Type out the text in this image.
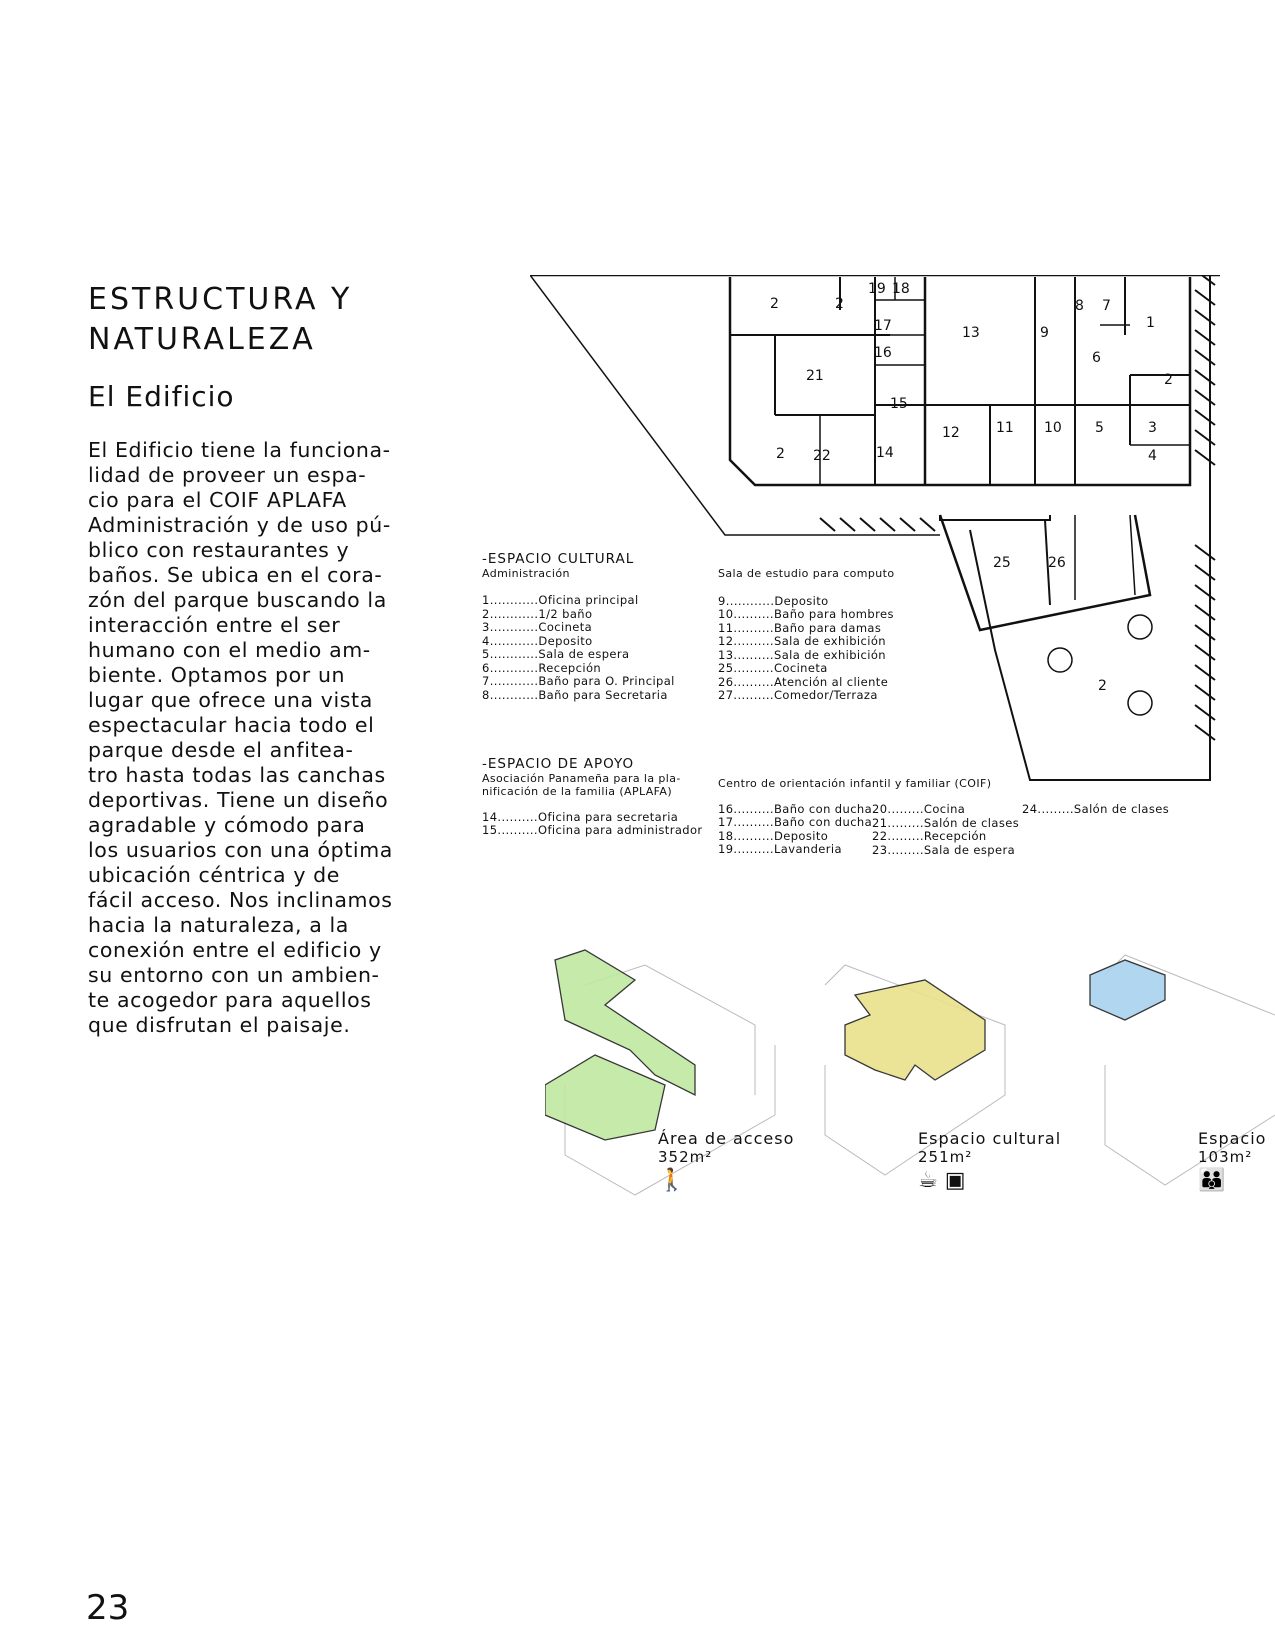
ESTRUCTURA Y
NATURALEZA
El Edificio
El Edificio tiene la funciona-
lidad de proveer un espa-
cio para el COIF APLAFA
Administración y de uso pú-
blico con restaurantes y
baños. Se ubica en el cora-
zón del parque buscando la
interacción entre el ser
humano con el medio am-
biente. Optamos por un
lugar que ofrece una vista
espectacular hacia todo el
parque desde el anfitea-
tro hasta todas las canchas
deportivas. Tiene un diseño
agradable y cómodo para
los usuarios con una óptima
ubicación céntrica y de
fácil acceso. Nos inclinamos
hacia la naturaleza, a la
conexión entre el edificio y
su entorno con un ambien-
te acogedor para aquellos
que disfrutan el paisaje.
2	2
19 18
17
16
13	9
8 7
1
6
2
21
15
12	11 10 5	3
4
2 22	14
25	26
2
-ESPACIO CULTURAL
Administración
1............Oficina principal
2............1/2 baño
3............Cocineta
4............Deposito
5............Sala de espera
6............Recepción
7............Baño para O. Principal
8............Baño para Secretaria
Sala de estudio para computo
9............Deposito
10..........Baño para hombres
11..........Baño para damas
12..........Sala de exhibición
13..........Sala de exhibición
25..........Cocineta
26..........Atención al cliente
27..........Comedor/Terraza
-ESPACIO DE APOYO
Asociación Panameña para la pla-
nificación de la familia (APLAFA)
14..........Oficina para secretaria
15..........Oficina para administrador
Centro de orientación infantil y familiar (COIF)
16..........Baño con ducha
17..........Baño con ducha
18..........Deposito
19..........Lavanderia
20.........Cocina
21.........Salón de clases
22.........Recepción
23.........Sala de espera
24.........Salón de clases
Área de acceso
352m²
🚶
Espacio cultural
251m²
☕ ▣
Espacio
103m²
👪
23
